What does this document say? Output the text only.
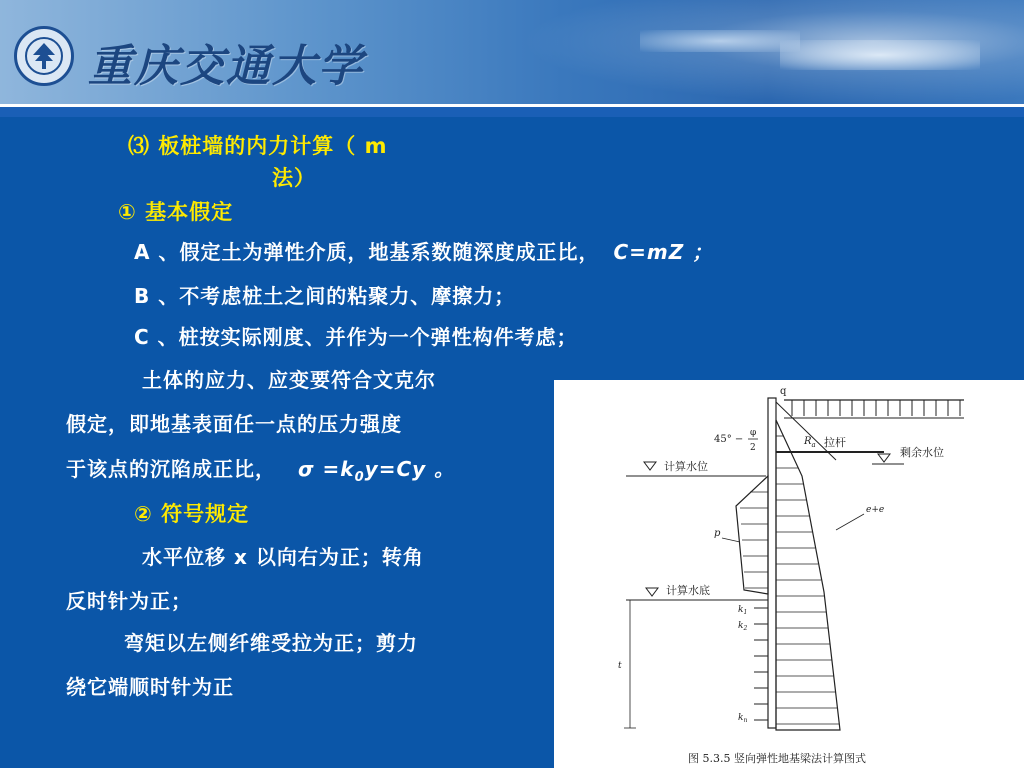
重庆交通大学
⑶ 板桩墙的内力计算（ m
法）
① 基本假定
A 、假定土为弹性介质，地基系数随深度成正比， C=mZ ；
B 、不考虑桩土之间的粘聚力、摩擦力；
C 、桩按实际刚度、并作为一个弹性构件考虑；
土体的应力、应变要符合文克尔
假定，即地基表面任一点的压力强度
于该点的沉陷成正比， $\sigma =k_0y=Cy$ 。
② 符号规定
水平位移 x 以向右为正；转角
反时针为正；
弯矩以左侧纤维受拉为正；剪力
绕它端顺时针为正
q
45° −
φ
2
$R_a$ 拉杆
剩余水位
计算水位
e+e
p
计算水底
$k_1$
$k_2$
$k_n$
t
图 5.3.5 竖向弹性地基梁法计算图式
